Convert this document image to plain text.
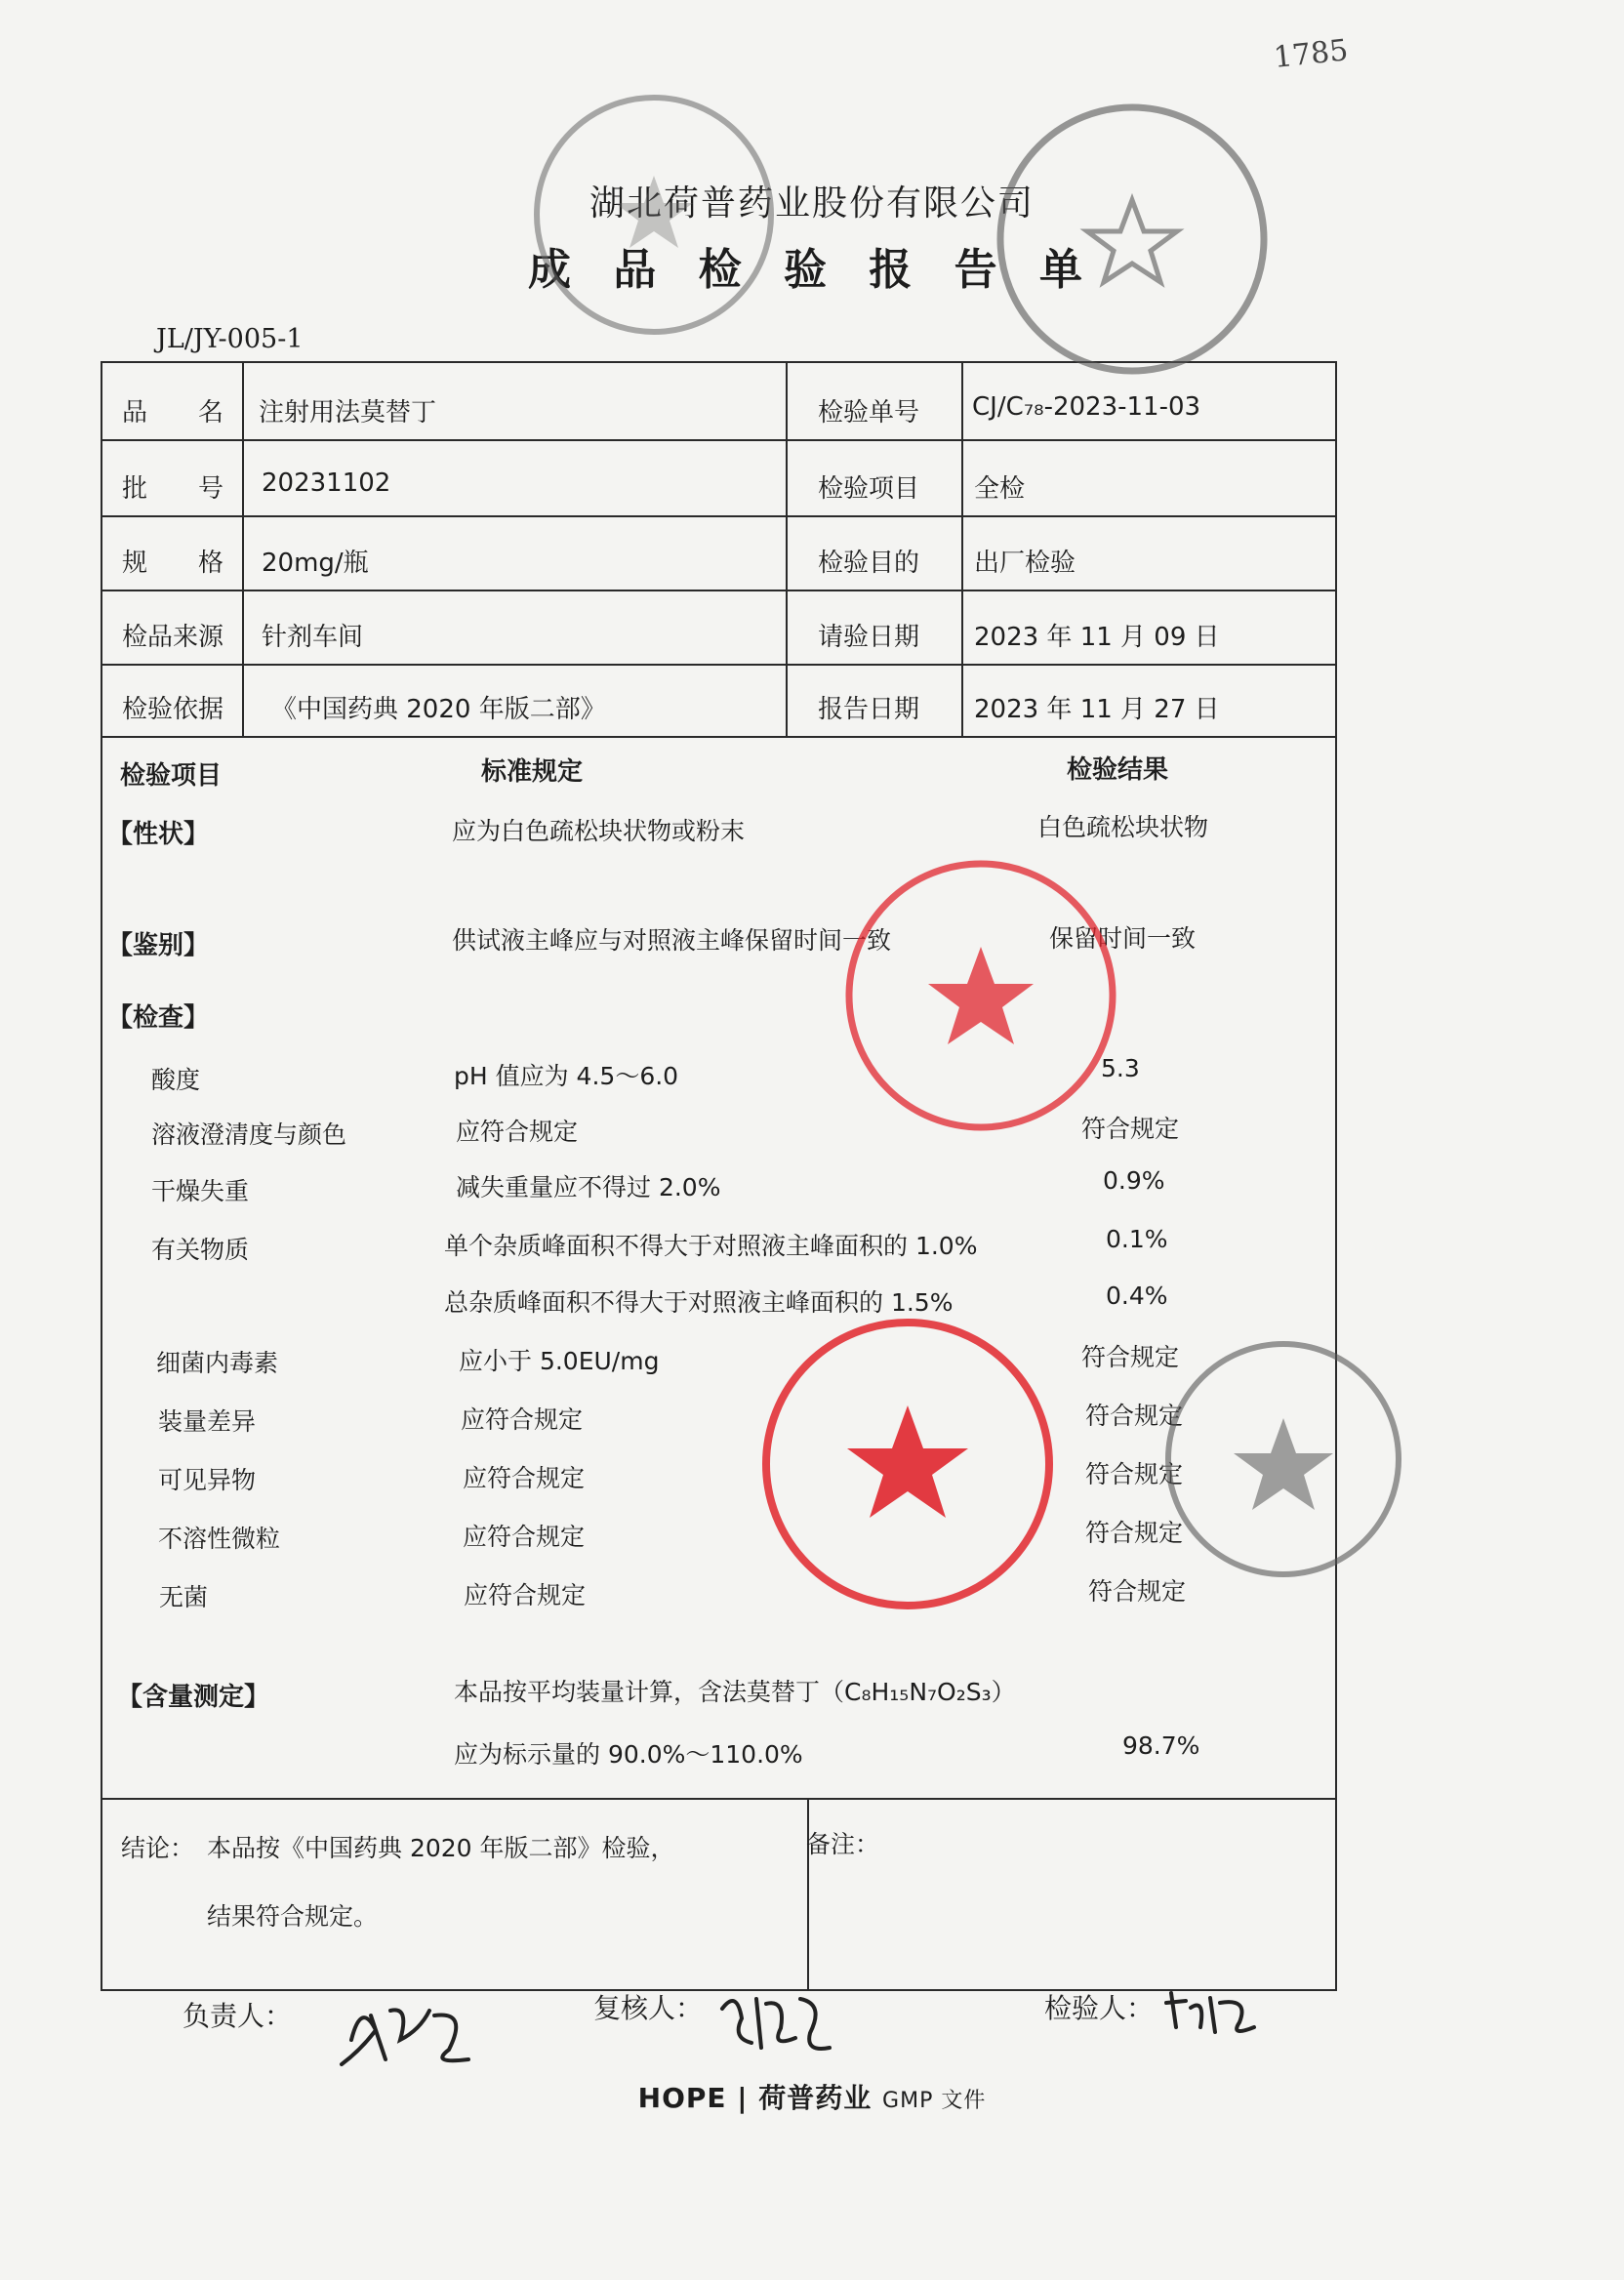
1785
湖北荷普药业股份有限公司
成 品 检 验 报 告 单
JL/JY-005-1
品　　名 注射用法莫替丁	检验单号 CJ/C₇₈-2023-11-03
批　　号 20231102	检验项目 全检
规　　格 20mg/瓶	检验目的 出厂检验
检品来源 针剂车间	请验日期 2023 年 11 月 09 日
检验依据 《中国药典 2020 年版二部》	报告日期 2023 年 11 月 27 日
检验项目	标准规定	检验结果
【性状】	应为白色疏松块状物或粉末	白色疏松块状物
【鉴别】	供试液主峰应与对照液主峰保留时间一致	保留时间一致
【检查】
酸度	pH 值应为 4.5～6.0	5.3
溶液澄清度与颜色	应符合规定	符合规定
干燥失重	减失重量应不得过 2.0%	0.9%
有关物质	单个杂质峰面积不得大于对照液主峰面积的 1.0%	0.1%
总杂质峰面积不得大于对照液主峰面积的 1.5%	0.4%
细菌内毒素	应小于 5.0EU/mg	符合规定
装量差异	应符合规定	符合规定
可见异物	应符合规定	符合规定
不溶性微粒	应符合规定	符合规定
无菌	应符合规定	符合规定
【含量测定】	本品按平均装量计算，含法莫替丁（C₈H₁₅N₇O₂S₃）
应为标示量的 90.0%～110.0%	98.7%
结论： 本品按《中国药典 2020 年版二部》检验，
结果符合规定。
备注：
负责人：	复核人：	检验人：
HOPE | 荷普药业 GMP 文件
